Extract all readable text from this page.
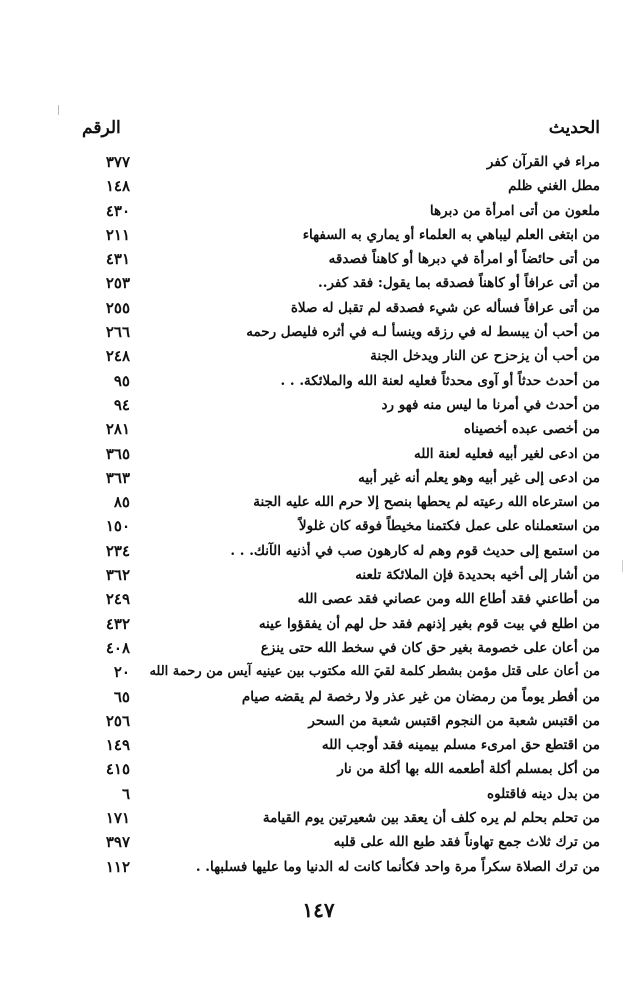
الحديث
الرقم
مراء في القرآن كفر
٣٧٧
مطل الغني ظلم
١٤٨
ملعون من أتى امرأة من دبرها
٤٣٠
من ابتغى العلم ليباهي به العلماء أو يماري به السفهاء
٢١١
من أتى حائضاً أو امرأة في دبرها أو كاهناً فصدقه
٤٣١
من أتى عرافاً أو كاهناً فصدقه بما يقول: فقد كفر..
٢٥٣
من أتى عرافاً فسأله عن شيء فصدقه لم تقبل له صلاة
٢٥٥
من أحب أن يبسط له في رزقه وينسأ لـه في أثره فليصل رحمه
٢٦٦
من أحب أن يزحزح عن النار ويدخل الجنة
٢٤٨
من أحدث حدثاً أو آوى محدثاً فعليه لعنة الله والملائكة. . .
٩٥
من أحدث في أمرنا ما ليس منه فهو رد
٩٤
من أخصى عبده أخصيناه
٢٨١
من ادعى لغير أبيه فعليه لعنة الله
٣٦٥
من ادعى إلى غير أبيه وهو يعلم أنه غير أبيه
٣٦٣
من استرعاه الله رعيته لم يحطها بنصح إلا حرم الله عليه الجنة
٨٥
من استعملناه على عمل فكتمنا مخيطاً فوقه كان غلولاً
١٥٠
من استمع إلى حديث قوم وهم له كارهون صب في أذنيه الآنك. . .
٢٣٤
من أشار إلى أخيه بحديدة فإن الملائكة تلعنه
٣٦٢
من أطاعني فقد أطاع الله ومن عصاني فقد عصى الله
٢٤٩
من اطلع في بيت قوم بغير إذنهم فقد حل لهم أن يفقؤوا عينه
٤٣٢
من أعان على خصومة بغير حق كان في سخط الله حتى ينزع
٤٠٨
من أعان على قتل مؤمن بشطر كلمة لقيَ الله مكتوب بين عينيه آيس من رحمة الله
٢٠
من أفطر يوماً من رمضان من غير عذر ولا رخصة لم يقضه صيام
٦٥
من اقتبس شعبة من النجوم اقتبس شعبة من السحر
٢٥٦
من اقتطع حق امرىء مسلم بيمينه فقد أوجب الله
١٤٩
من أكل بمسلم أكلة أطعمه الله بها أكلة من نار
٤١٥
من بدل دينه فاقتلوه
٦
من تحلم بحلم لم يره كلف أن يعقد بين شعيرتين يوم القيامة
١٧١
من ترك ثلاث جمع تهاوناً فقد طبع الله على قلبه
٣٩٧
من ترك الصلاة سكراً مرة واحد فكأنما كانت له الدنيا وما عليها فسلبها. .
١١٢
١٤٧
